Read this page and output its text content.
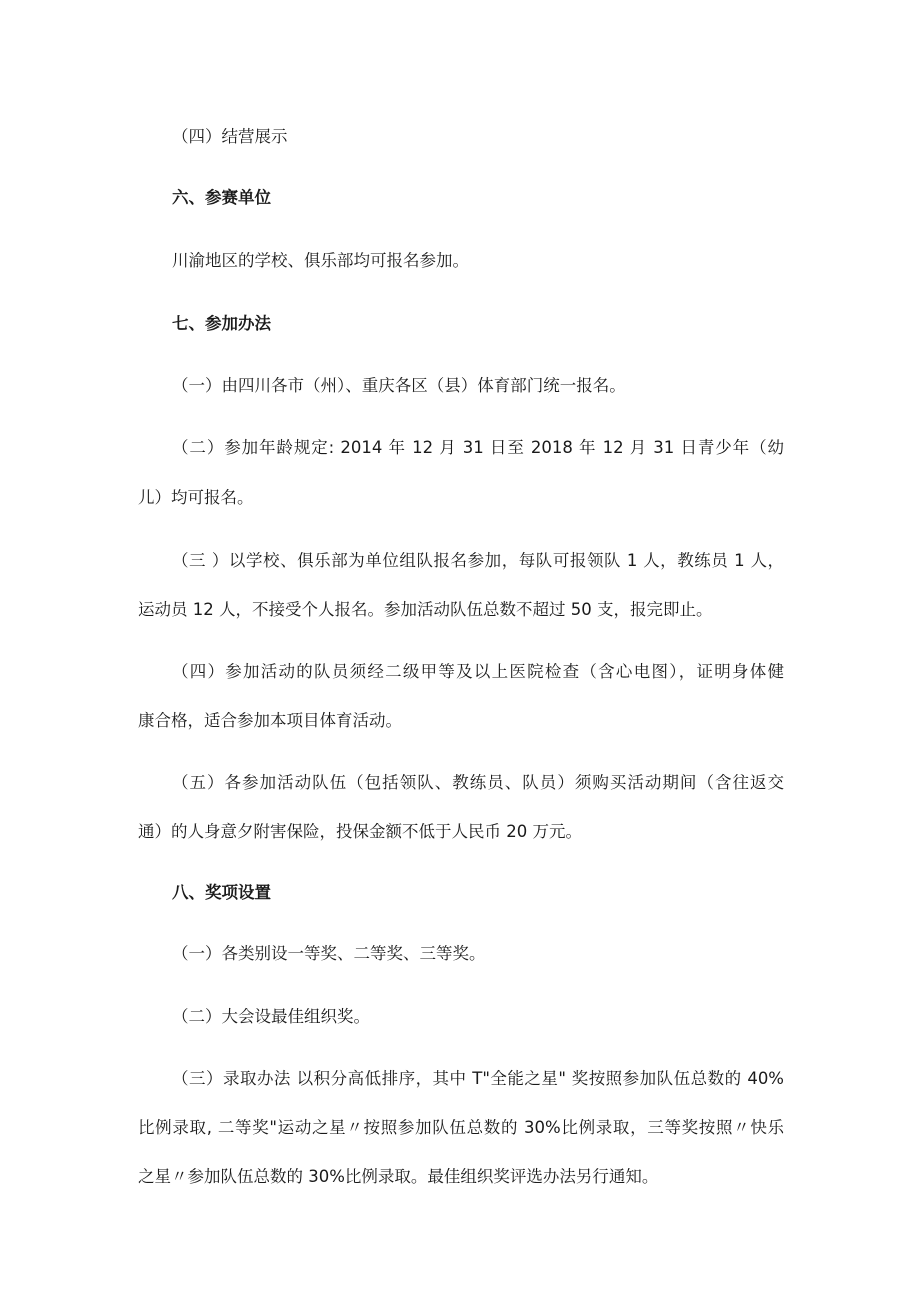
（四）结营展示

六、参赛单位

川渝地区的学校、俱乐部均可报名参加。

七、参加办法

（一）由四川各市（州）、重庆各区（县）体育部门统一报名。

（二）参加年龄规定: 2014 年 12 月 31 日至 2018 年 12 月 31 日青少年（幼

儿）均可报名。

（三 ）以学校、俱乐部为单位组队报名参加，每队可报领队 1 人，教练员 1 人，

运动员 12 人，不接受个人报名。参加活动队伍总数不超过 50 支，报完即止。

（四）参加活动的队员须经二级甲等及以上医院检查（含心电图），证明身体健

康合格，适合参加本项目体育活动。

（五）各参加活动队伍（包括领队、教练员、队员）须购买活动期间（含往返交

通）的人身意夕附害保险，投保金额不低于人民币 20 万元。

八、奖项设置

（一）各类别设一等奖、二等奖、三等奖。

（二）大会设最佳组织奖。

（三）录取办法 以积分高低排序，其中 T"全能之星" 奖按照参加队伍总数的 40%

比例录取, 二等奖"运动之星〃按照参加队伍总数的 30%比例录取，三等奖按照〃快乐

之星〃参加队伍总数的 30%比例录取。最佳组织奖评选办法另行通知。
